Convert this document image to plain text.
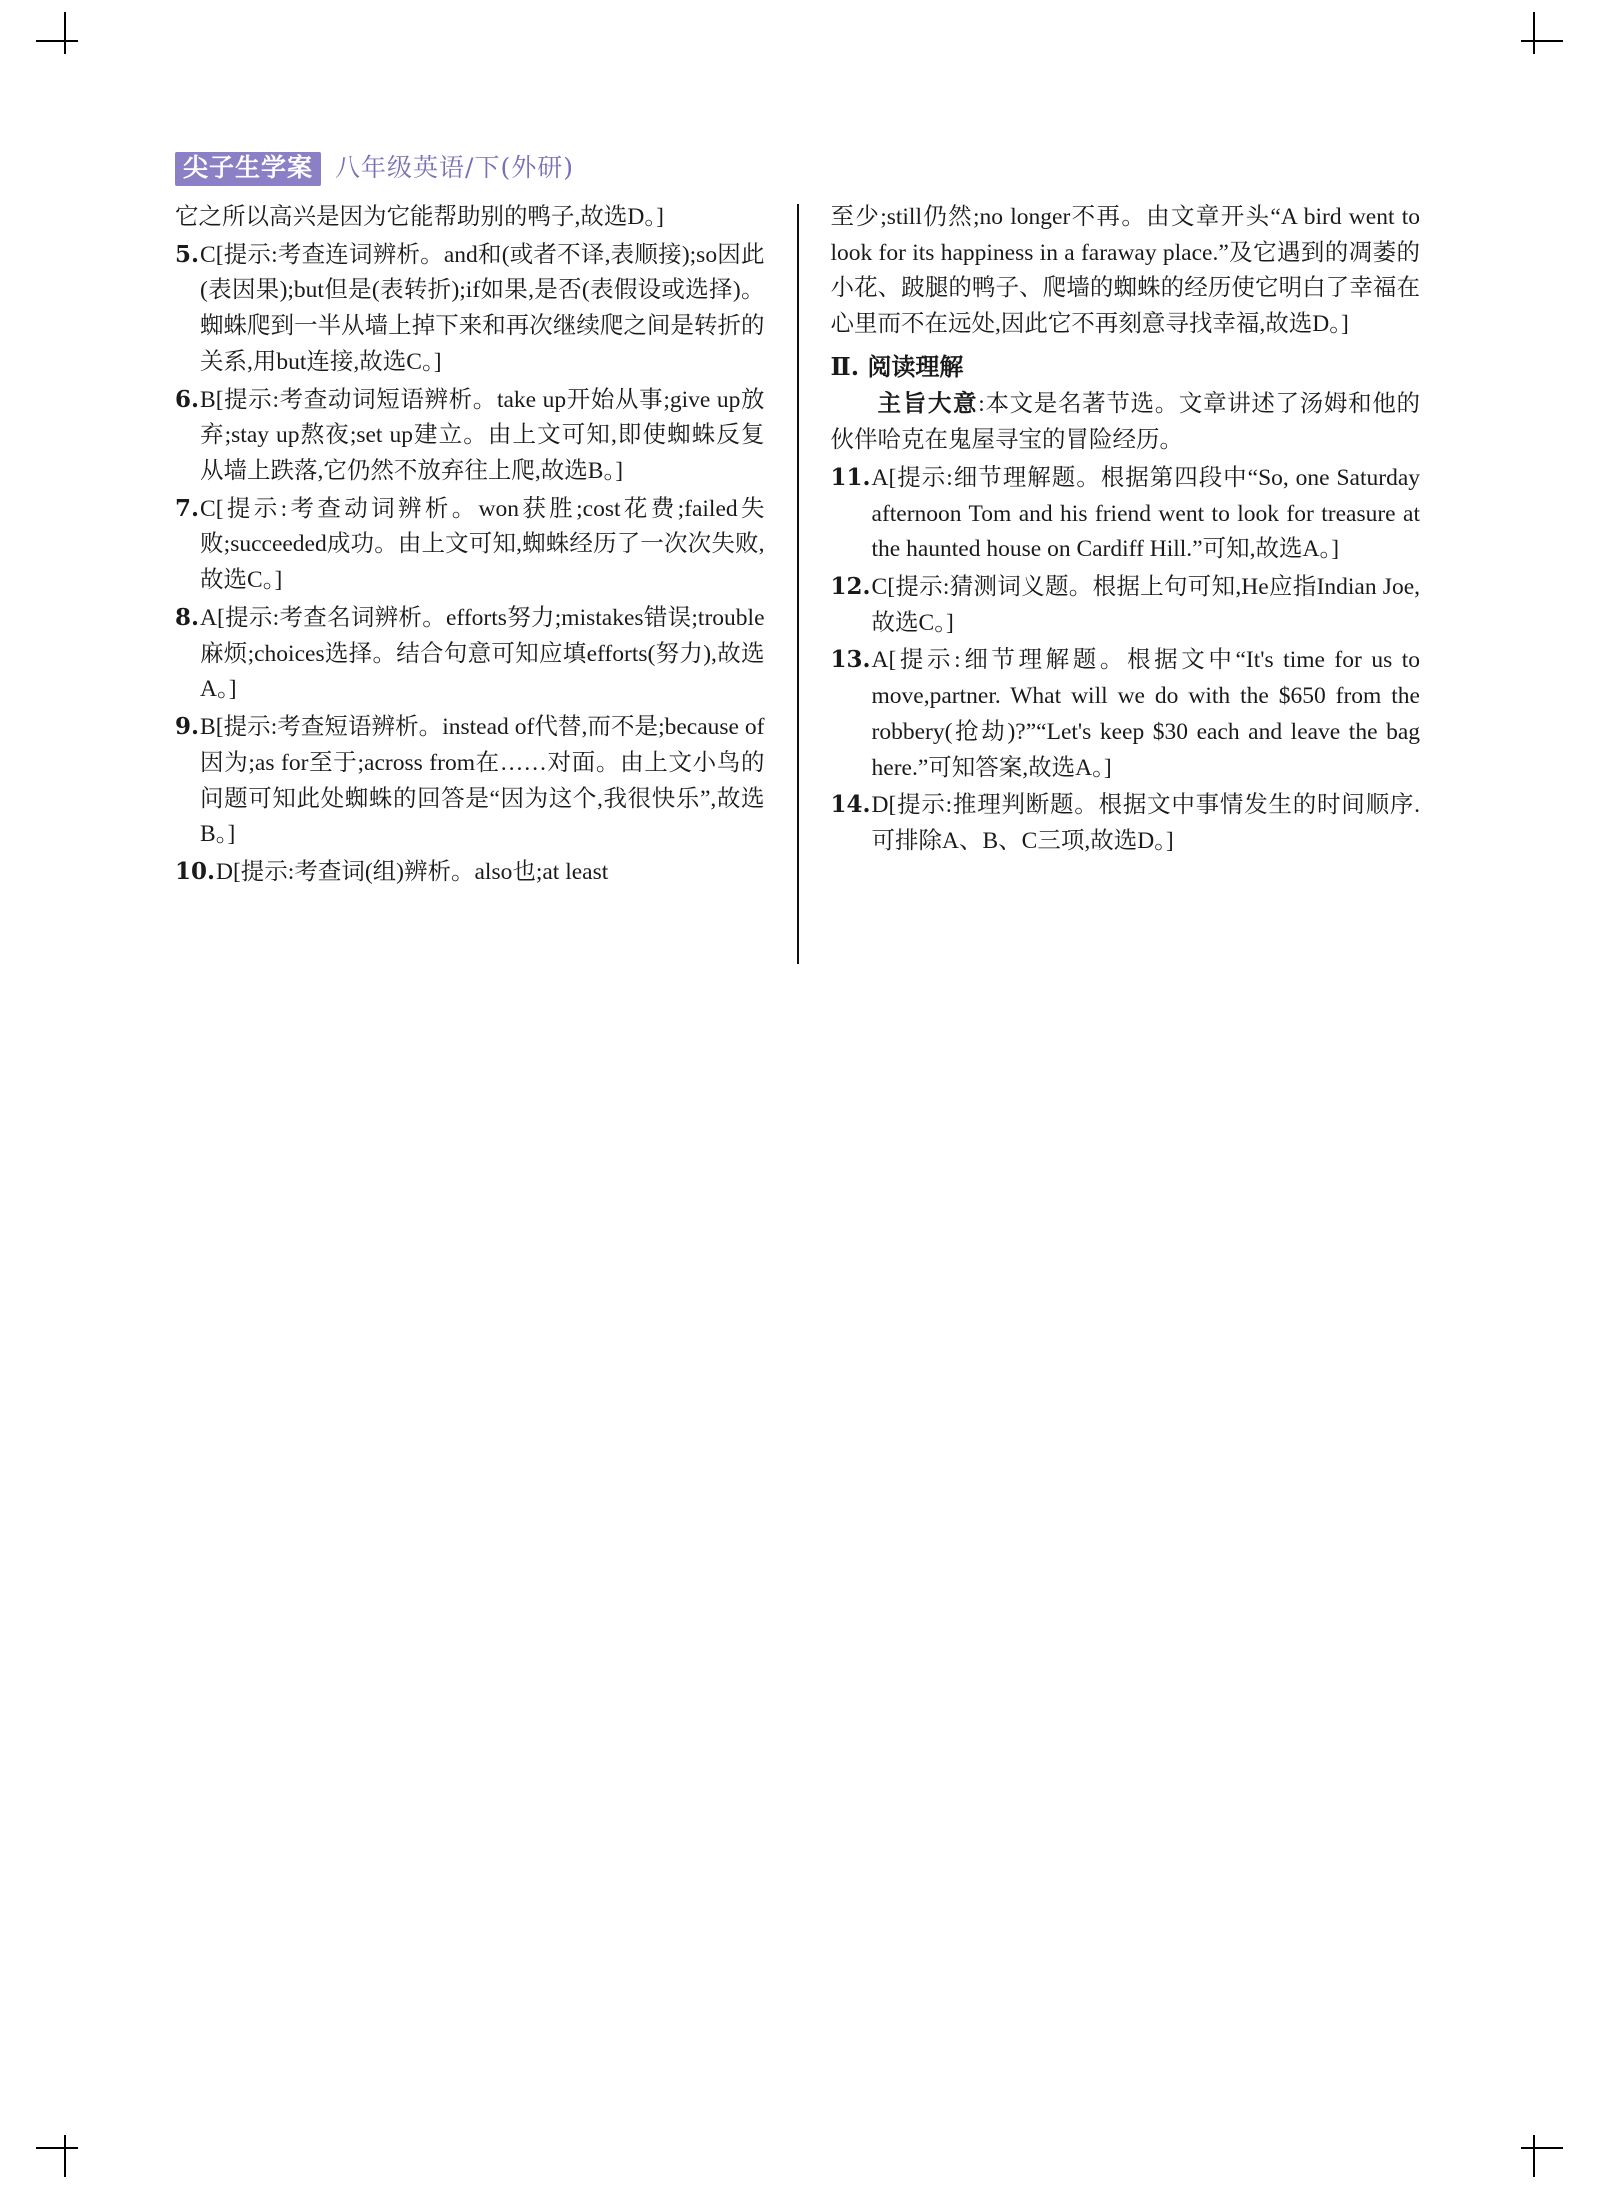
尖子生学案 八年级英语/下(外研)

它之所以高兴是因为它能帮助别的鸭子,故选D。]

5. C[提示:考查连词辨析。and和(或者不译,表顺接);so因此(表因果);but但是(表转折);if如果,是否(表假设或选择)。蜘蛛爬到一半从墙上掉下来和再次继续爬之间是转折的关系,用but连接,故选C。]
6. B[提示:考查动词短语辨析。take up开始从事;give up放弃;stay up熬夜;set up建立。由上文可知,即使蜘蛛反复从墙上跌落,它仍然不放弃往上爬,故选B。]
7. C[提示:考查动词辨析。won获胜;cost花费;failed失败;succeeded成功。由上文可知,蜘蛛经历了一次次失败,故选C。]
8. A[提示:考查名词辨析。efforts努力;mistakes错误;trouble麻烦;choices选择。结合句意可知应填efforts(努力),故选A。]
9. B[提示:考查短语辨析。instead of代替,而不是;because of因为;as for至于;across from在……对面。由上文小鸟的问题可知此处蜘蛛的回答是“因为这个,我很快乐”,故选B。]
10. D[提示:考查词(组)辨析。also也;at least

至少;still仍然;no longer不再。由文章开头“A bird went to look for its happiness in a faraway place.”及它遇到的凋萎的小花、跛腿的鸭子、爬墙的蜘蛛的经历使它明白了幸福在心里而不在远处,因此它不再刻意寻找幸福,故选D。]

Ⅱ. 阅读理解

主旨大意:本文是名著节选。文章讲述了汤姆和他的伙伴哈克在鬼屋寻宝的冒险经历。

11. A[提示:细节理解题。根据第四段中“So, one Saturday afternoon Tom and his friend went to look for treasure at the haunted house on Cardiff Hill.”可知,故选A。]
12. C[提示:猜测词义题。根据上句可知,He应指Indian Joe,故选C。]
13. A[提示:细节理解题。根据文中“It's time for us to move,partner. What will we do with the $650 from the robbery(抢劫)?”“Let's keep $30 each and leave the bag here.”可知答案,故选A。]
14. D[提示:推理判断题。根据文中事情发生的时间顺序. 可排除A、B、C三项,故选D。]
